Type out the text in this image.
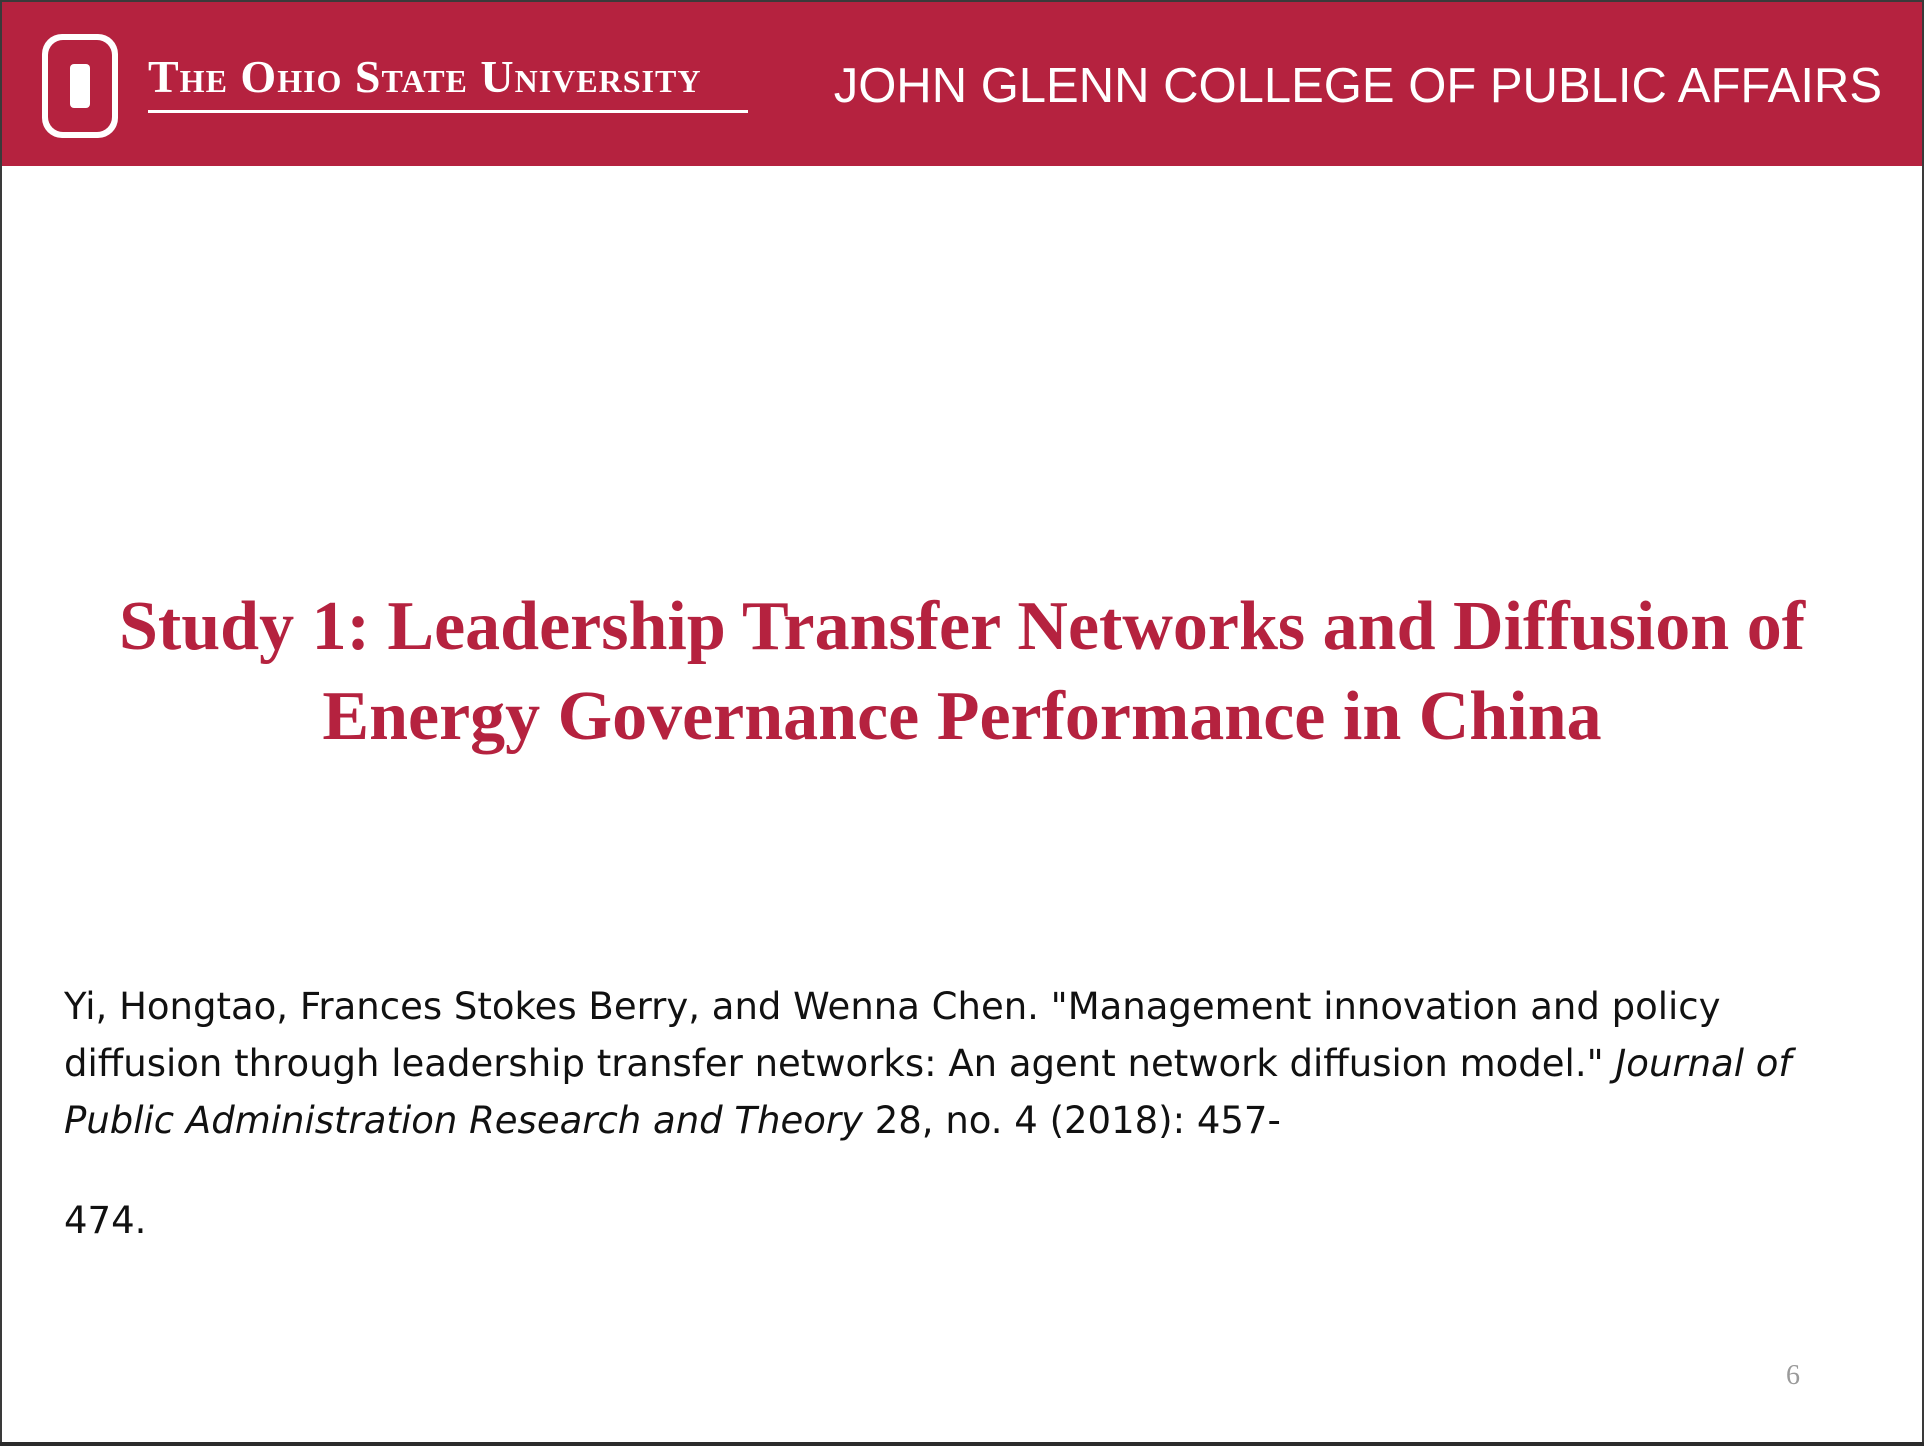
The Ohio State University	JOHN GLENN COLLEGE OF PUBLIC AFFAIRS
Study 1: Leadership Transfer Networks and Diffusion of Energy Governance Performance in China

Yi, Hongtao, Frances Stokes Berry, and Wenna Chen. "Management innovation and policy diffusion through leadership transfer networks: An agent network diffusion model." Journal of Public Administration Research and Theory 28, no. 4 (2018): 457-

474.

6
